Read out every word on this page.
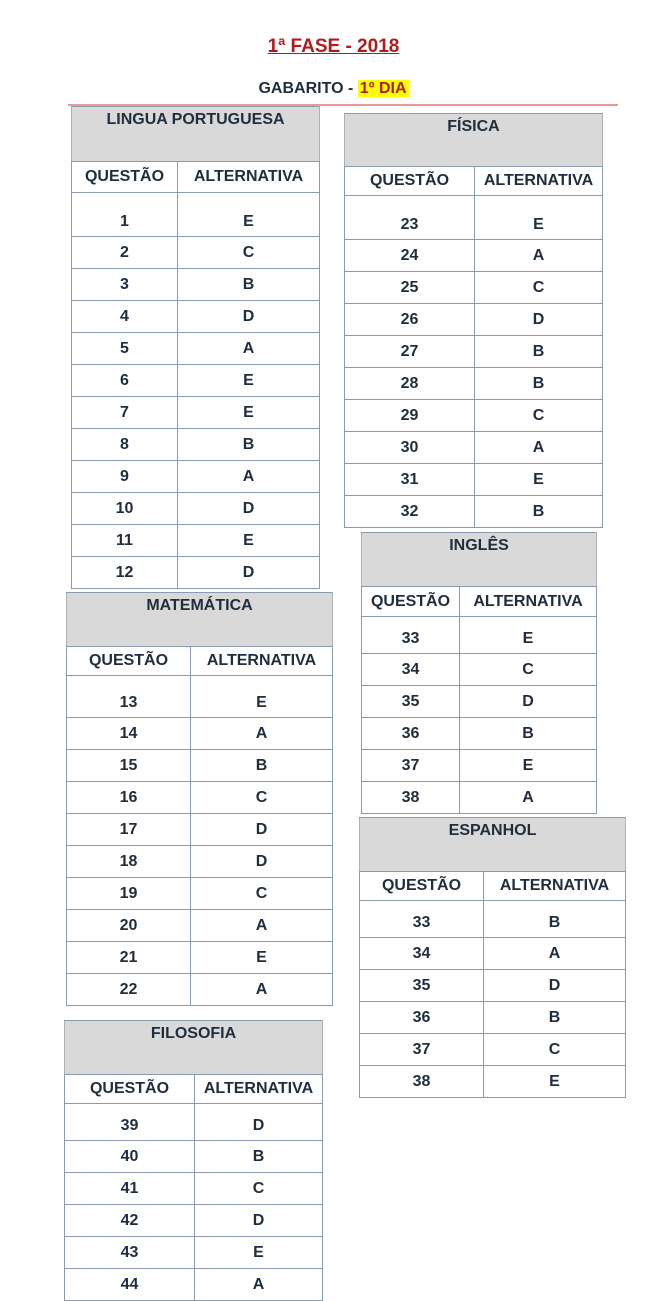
1ª FASE - 2018
GABARITO - 1º DIA
LINGUA PORTUGUESA	
QUESTÃO	ALTERNATIVA
1	E
2	C
3	B
4	D
5	A
6	E
7	E
8	B
9	A
10	D
11	E
12	D
FÍSICA	
QUESTÃO	ALTERNATIVA
23	E
24	A
25	C
26	D
27	B
28	B
29	C
30	A
31	E
32	B
INGLÊS	
QUESTÃO	ALTERNATIVA
33	E
34	C
35	D
36	B
37	E
38	A
MATEMÁTICA	
QUESTÃO	ALTERNATIVA
13	E
14	A
15	B
16	C
17	D
18	D
19	C
20	A
21	E
22	A
ESPANHOL	
QUESTÃO	ALTERNATIVA
33	B
34	A
35	D
36	B
37	C
38	E
FILOSOFIA	
QUESTÃO	ALTERNATIVA
39	D
40	B
41	C
42	D
43	E
44	A
